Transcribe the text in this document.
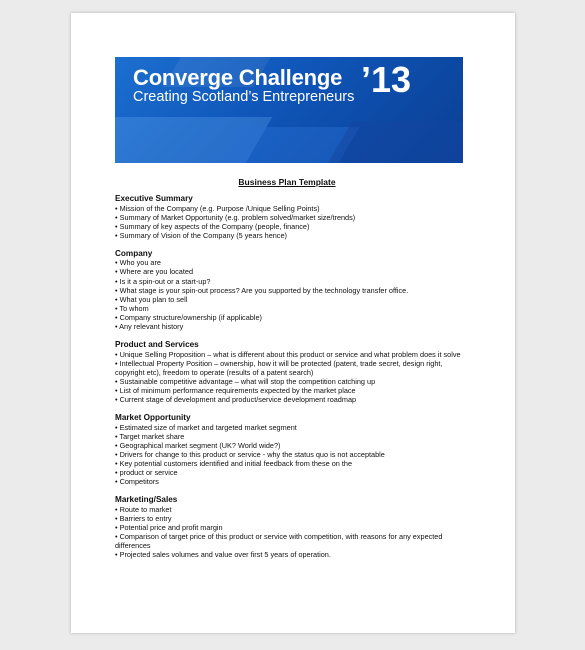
Converge Challenge
Creating Scotland’s Entrepreneurs ’13
Business Plan Template
Executive Summary
• Mission of the Company (e.g. Purpose /Unique Selling Points)
• Summary of Market Opportunity (e.g. problem solved/market size/trends)
• Summary of key aspects of the Company (people, finance)
• Summary of Vision of the Company (5 years hence)
Company
• Who you are
• Where are you located
• Is it a spin-out or a start-up?
• What stage is your spin-out process? Are you supported by the technology transfer office.
• What you plan to sell
• To whom
• Company structure/ownership (if applicable)
• Any relevant history
Product and Services
• Unique Selling Proposition – what is different about this product or service and what problem does it solve
• Intellectual Property Position – ownership, how it will be protected (patent, trade secret, design right, copyright etc), freedom to operate (results of a patent search)
• Sustainable competitive advantage – what will stop the competition catching up
• List of minimum performance requirements expected by the market place
• Current stage of development and product/service development roadmap
Market Opportunity
• Estimated size of market and targeted market segment
• Target market share
• Geographical market segment (UK? World wide?)
• Drivers for change to this product or service - why the status quo is not acceptable
• Key potential customers identified and initial feedback from these on the
• product or service
• Competitors
Marketing/Sales
• Route to market
• Barriers to entry
• Potential price and profit margin
• Comparison of target price of this product or service with competition, with reasons for any expected differences
• Projected sales volumes and value over first 5 years of operation.
